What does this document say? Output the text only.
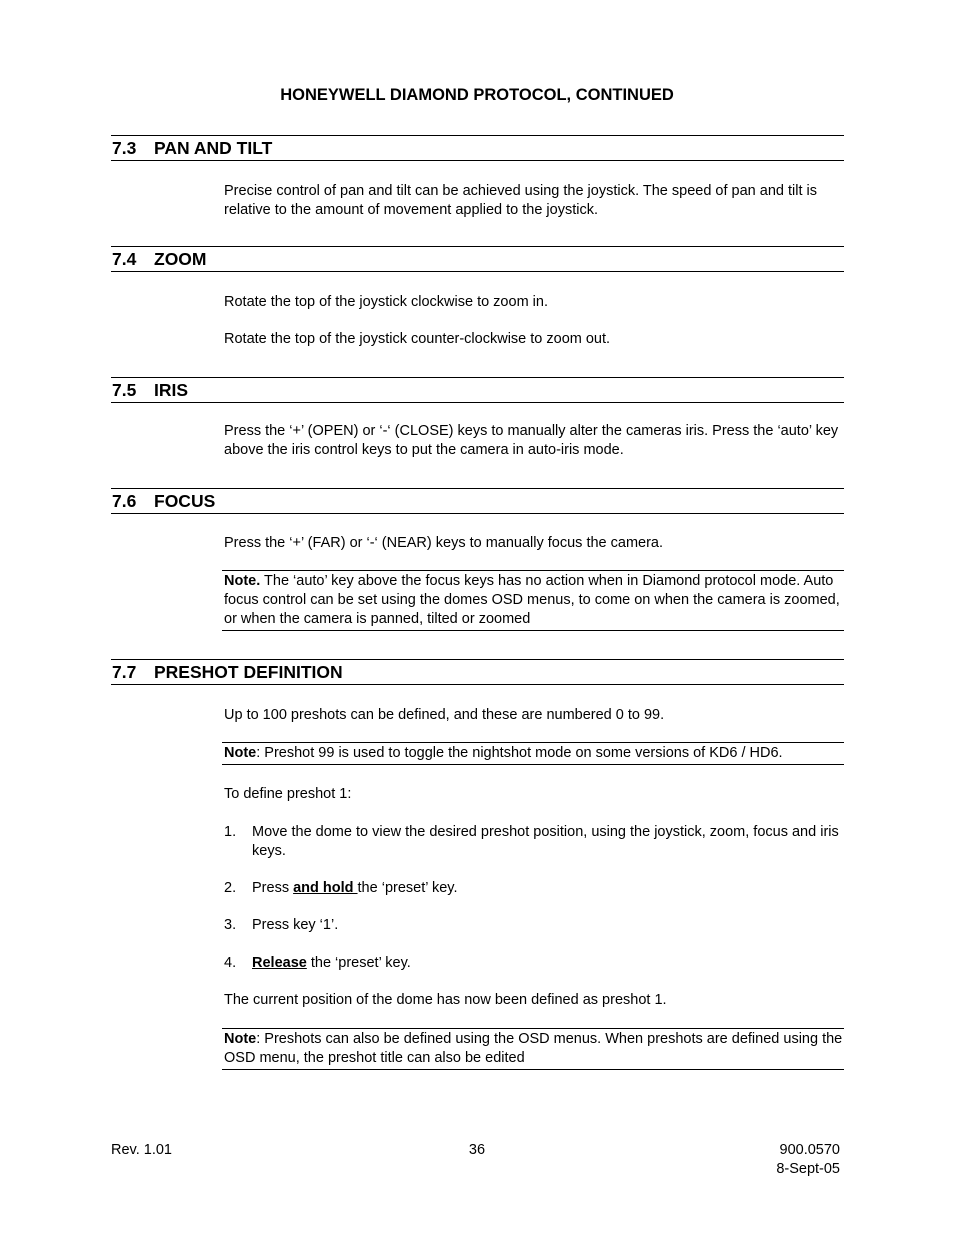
HONEYWELL DIAMOND PROTOCOL, CONTINUED
7.3 PAN AND TILT

Precise control of pan and tilt can be achieved using the joystick. The speed of pan and tilt is relative to the amount of movement applied to the joystick.

7.4 ZOOM

Rotate the top of the joystick clockwise to zoom in.

Rotate the top of the joystick counter-clockwise to zoom out.

7.5 IRIS

Press the ‘+’ (OPEN) or ‘-‘ (CLOSE) keys to manually alter the cameras iris. Press the ‘auto’ key above the iris control keys to put the camera in auto-iris mode.

7.6 FOCUS

Press the ‘+’ (FAR) or ‘-‘ (NEAR) keys to manually focus the camera.

Note. The ‘auto’ key above the focus keys has no action when in Diamond protocol mode. Auto focus control can be set using the domes OSD menus, to come on when the camera is zoomed, or when the camera is panned, tilted or zoomed
7.7 PRESHOT DEFINITION

Up to 100 preshots can be defined, and these are numbered 0 to 99.

Note: Preshot 99 is used to toggle the nightshot mode on some versions of KD6 / HD6.

To define preshot 1:

1. Move the dome to view the desired preshot position, using the joystick, zoom, focus and iris keys.
2. Press and hold the ‘preset’ key.
3. Press key ‘1’.
4. Release the ‘preset’ key.

The current position of the dome has now been defined as preshot 1.

Note: Preshots can also be defined using the OSD menus. When preshots are defined using the OSD menu, the preshot title can also be edited
Rev. 1.01	36	900.0570
8-Sept-05
